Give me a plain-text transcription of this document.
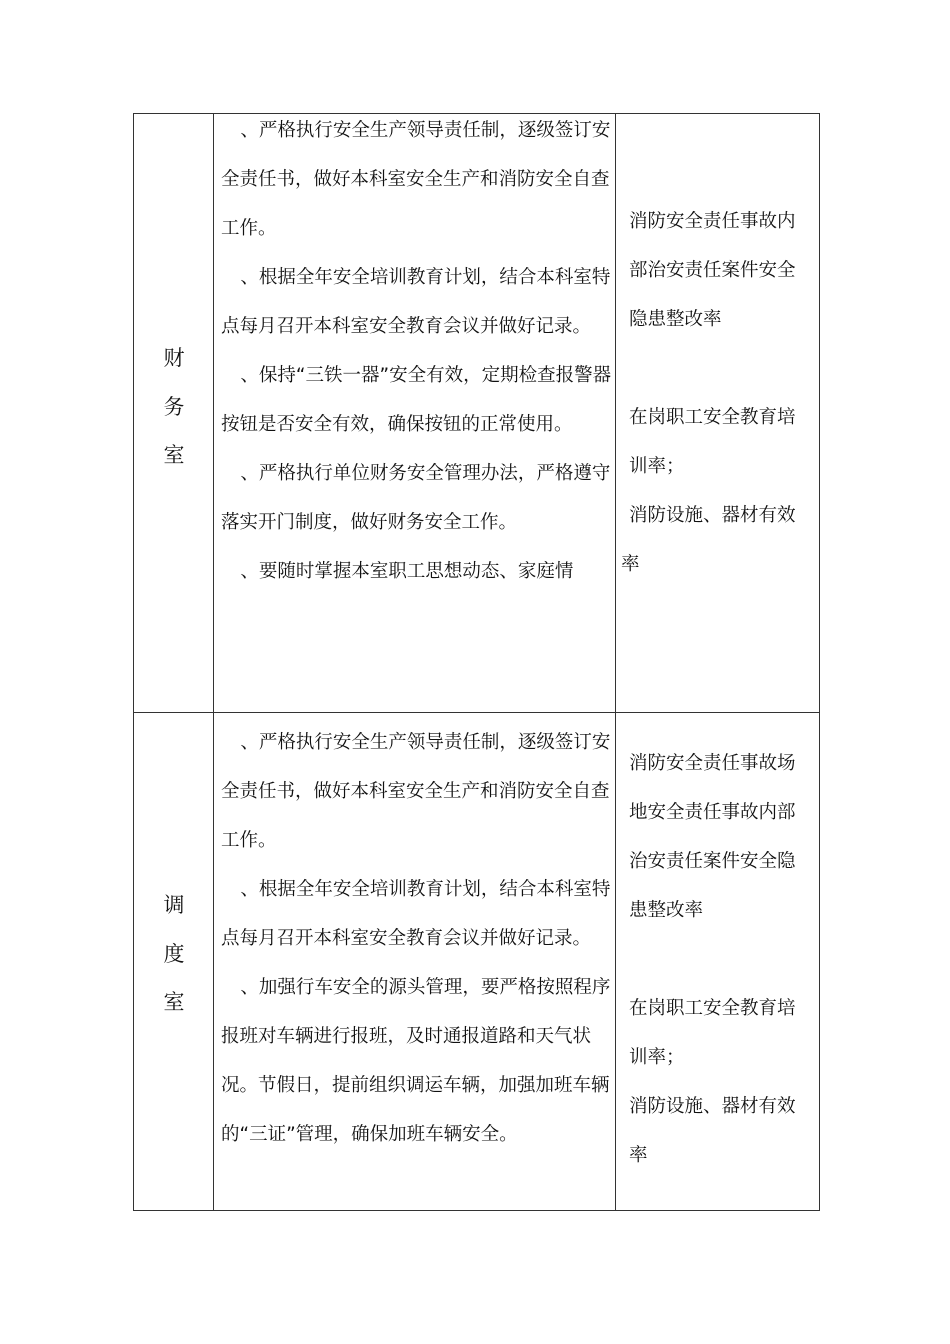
财
务
室

、严格执行安全生产领导责任制，逐级签订安全责任书，做好本科室安全生产和消防安全自查工作。

、根据全年安全培训教育计划，结合本科室特点每月召开本科室安全教育会议并做好记录。

、保持“三铁一器”安全有效，定期检查报警器按钮是否安全有效，确保按钮的正常使用。

、严格执行单位财务安全管理办法，严格遵守落实开门制度，做好财务安全工作。

、要随时掌握本室职工思想动态、家庭情

消防安全责任事故内部治安责任案件安全隐患整改率

在岗职工安全教育培训率；

消防设施、器材有效

率

调
度
室

、严格执行安全生产领导责任制，逐级签订安全责任书，做好本科室安全生产和消防安全自查工作。

、根据全年安全培训教育计划，结合本科室特点每月召开本科室安全教育会议并做好记录。

、加强行车安全的源头管理，要严格按照程序报班对车辆进行报班，及时通报道路和天气状况。节假日，提前组织调运车辆，加强加班车辆的“三证”管理，确保加班车辆安全。

消防安全责任事故场地安全责任事故内部治安责任案件安全隐患整改率

在岗职工安全教育培训率；

消防设施、器材有效率
